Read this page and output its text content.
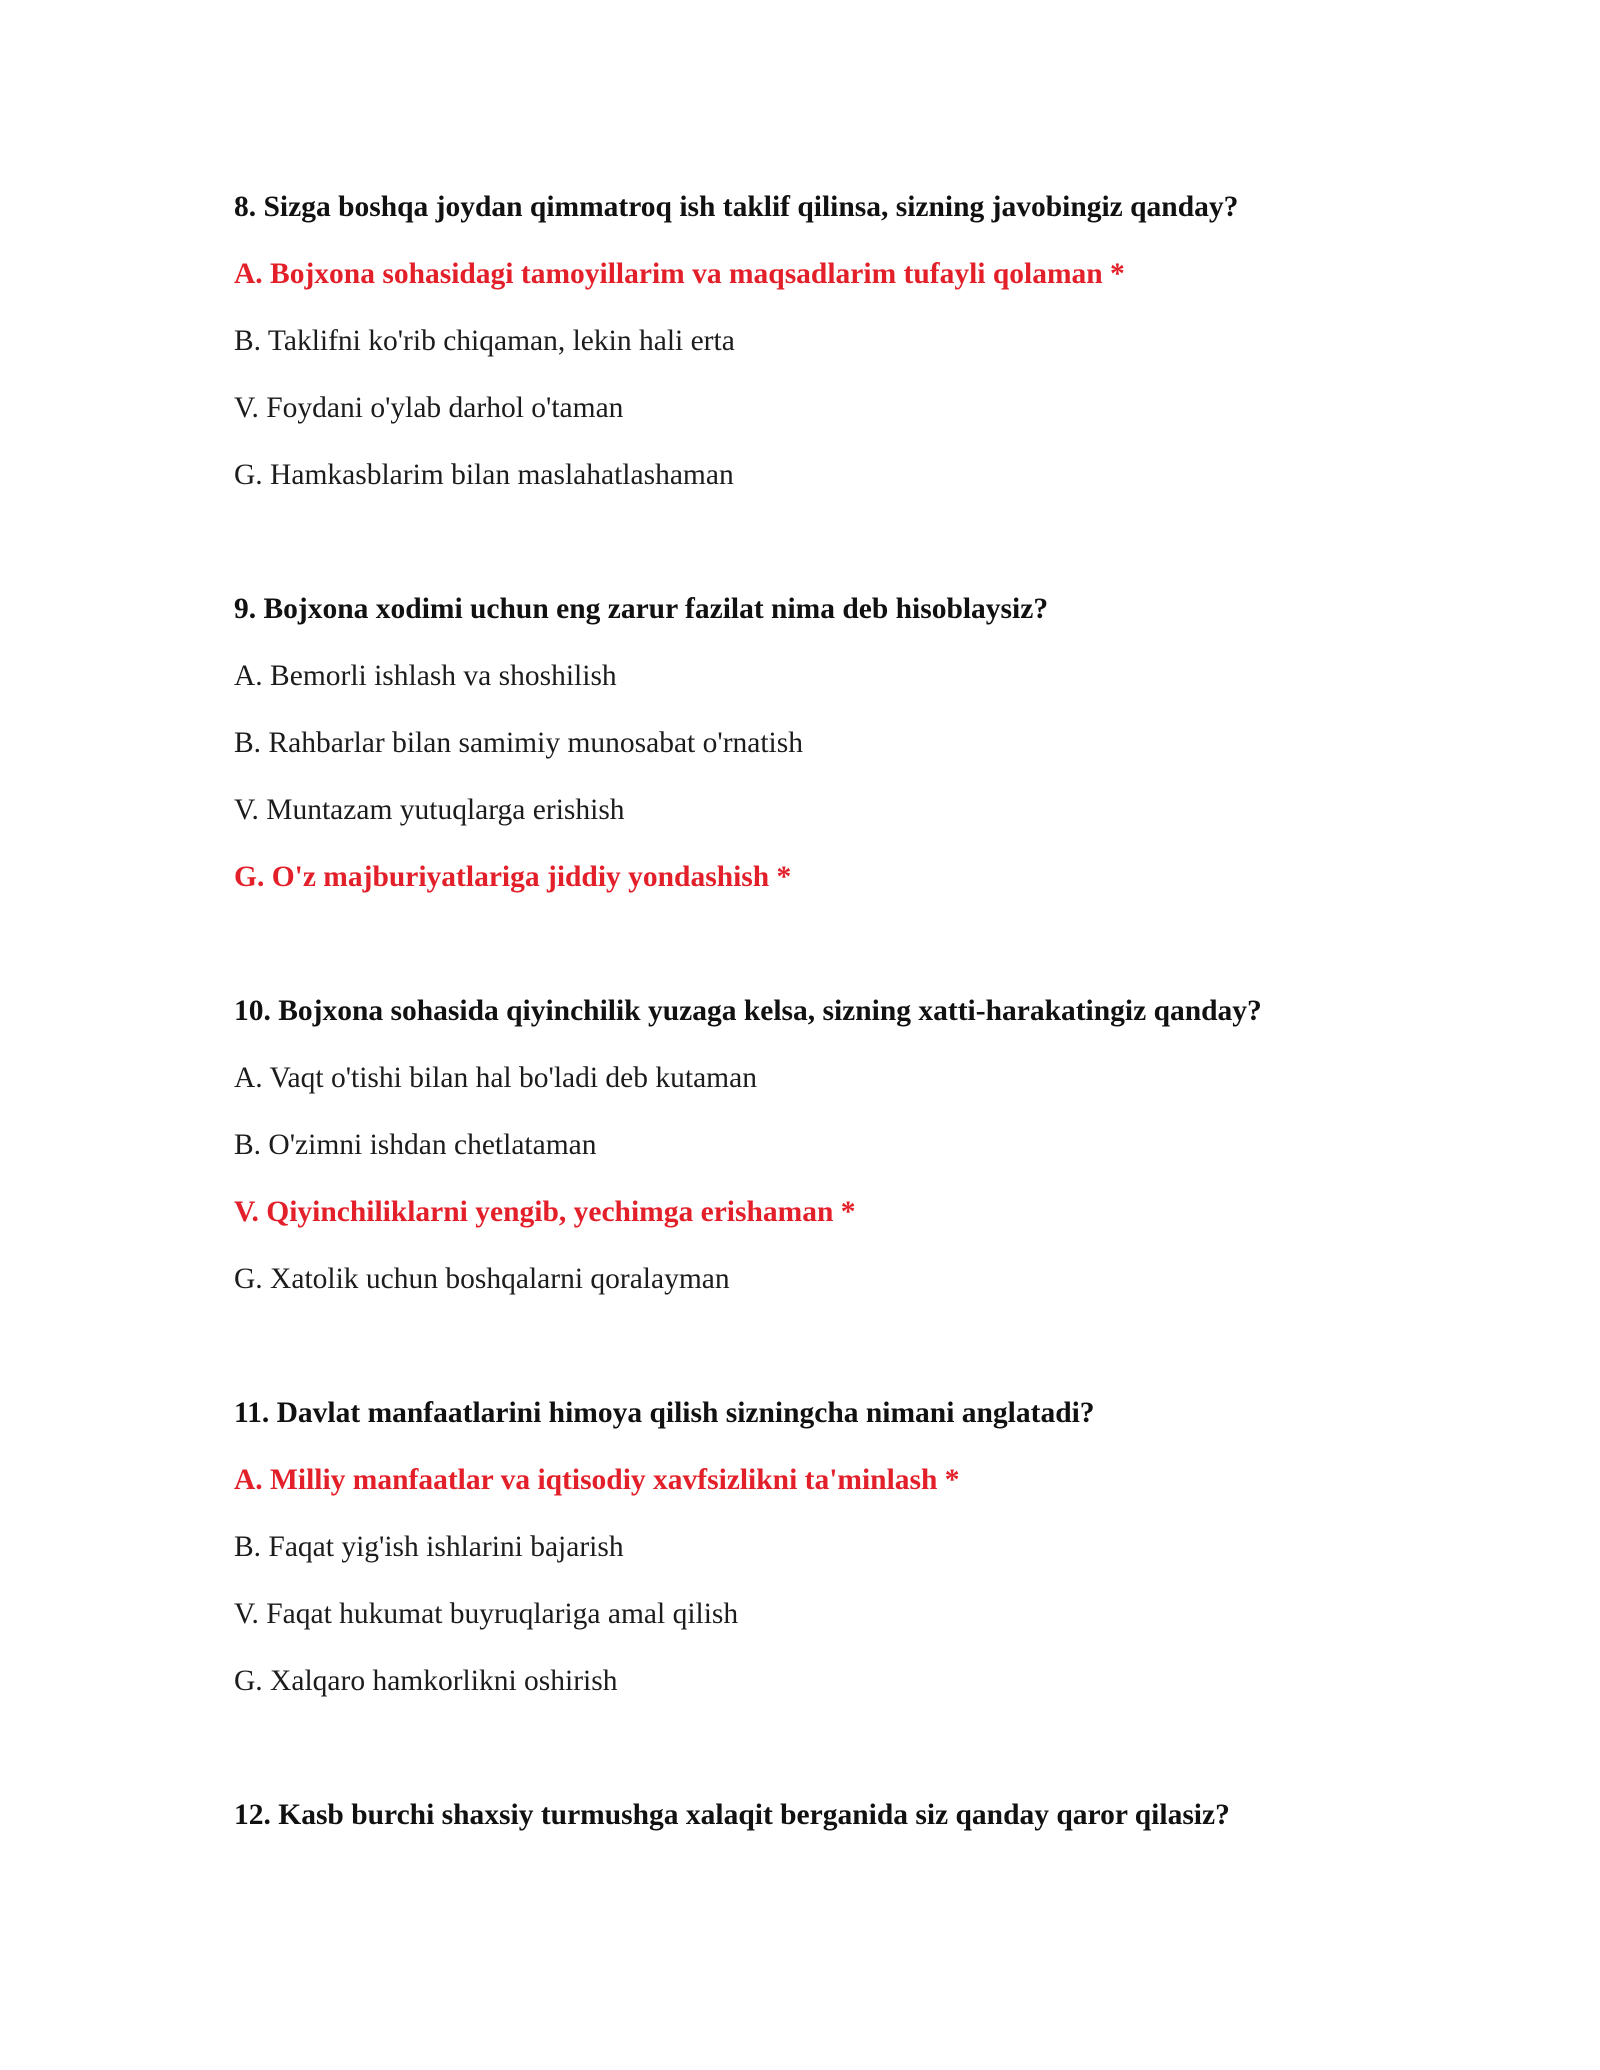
8. Sizga boshqa joydan qimmatroq ish taklif qilinsa, sizning javobingiz qanday?
A. Bojxona sohasidagi tamoyillarim va maqsadlarim tufayli qolaman *
B. Taklifni ko'rib chiqaman, lekin hali erta
V. Foydani o'ylab darhol o'taman
G. Hamkasblarim bilan maslahatlashaman
9. Bojxona xodimi uchun eng zarur fazilat nima deb hisoblaysiz?
A. Bemorli ishlash va shoshilish
B. Rahbarlar bilan samimiy munosabat o'rnatish
V. Muntazam yutuqlarga erishish
G. O'z majburiyatlariga jiddiy yondashish *
10. Bojxona sohasida qiyinchilik yuzaga kelsa, sizning xatti-harakatingiz qanday?
A. Vaqt o'tishi bilan hal bo'ladi deb kutaman
B. O'zimni ishdan chetlataman
V. Qiyinchiliklarni yengib, yechimga erishaman *
G. Xatolik uchun boshqalarni qoralayman
11. Davlat manfaatlarini himoya qilish sizningcha nimani anglatadi?
A. Milliy manfaatlar va iqtisodiy xavfsizlikni ta'minlash *
B. Faqat yig'ish ishlarini bajarish
V. Faqat hukumat buyruqlariga amal qilish
G. Xalqaro hamkorlikni oshirish
12. Kasb burchi shaxsiy turmushga xalaqit berganida siz qanday qaror qilasiz?
